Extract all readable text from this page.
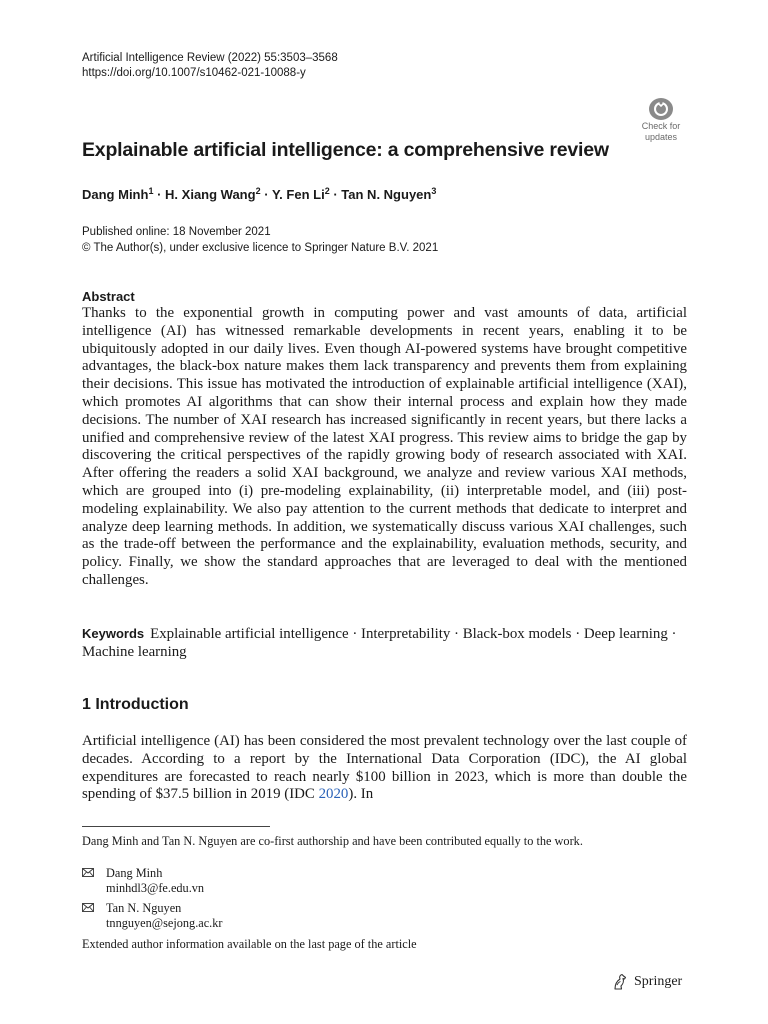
Artificial Intelligence Review (2022) 55:3503–3568
https://doi.org/10.1007/s10462-021-10088-y
Check for
updates
Explainable artificial intelligence: a comprehensive review
Dang Minh$^1$ · H. Xiang Wang$^2$ · Y. Fen $Li^2$ · Tan N. Nguyen$^3$
Published online: 18 November 2021
© The Author(s), under exclusive licence to Springer Nature B.V. 2021
Abstract

Thanks to the exponential growth in computing power and vast amounts of data, artificial intelligence (AI) has witnessed remarkable developments in recent years, enabling it to be ubiquitously adopted in our daily lives. Even though AI-powered systems have brought competitive advantages, the black-box nature makes them lack transparency and prevents them from explaining their decisions. This issue has motivated the introduction of explainable artificial intelligence (XAI), which promotes AI algorithms that can show their internal process and explain how they made decisions. The number of XAI research has increased significantly in recent years, but there lacks a unified and comprehensive review of the latest XAI progress. This review aims to bridge the gap by discovering the critical perspectives of the rapidly growing body of research associated with XAI. After offering the readers a solid XAI background, we analyze and review various XAI methods, which are grouped into (i) pre-modeling explainability, (ii) interpretable model, and (iii) post-modeling explainability. We also pay attention to the current methods that dedicate to interpret and analyze deep learning methods. In addition, we systematically discuss various XAI challenges, such as the trade-off between the performance and the explainability, evaluation methods, security, and policy. Finally, we show the standard approaches that are leveraged to deal with the mentioned challenges.

Keywords Explainable artificial intelligence · Interpretability · Black-box models · Deep learning · Machine learning

1 Introduction

Artificial intelligence (AI) has been considered the most prevalent technology over the last couple of decades. According to a report by the International Data Corporation (IDC), the AI global expenditures are forecasted to reach nearly $100 billion in 2023, which is more than double the spending of $37.5 billion in 2019 (IDC 2020). In

Dang Minh and Tan N. Nguyen are co-first authorship and have been contributed equally to the work.
Dang Minh
minhdl3@fe.edu.vn
Tan N. Nguyen
tnnguyen@sejong.ac.kr
Extended author information available on the last page of the article
Springer
